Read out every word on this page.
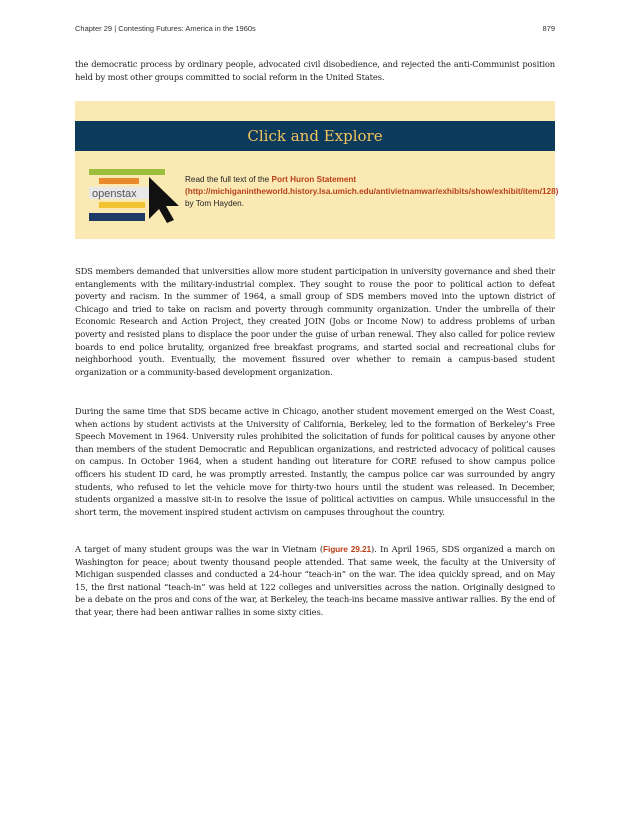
Chapter 29 | Contesting Futures: America in the 1960s	879

the democratic process by ordinary people, advocated civil disobedience, and rejected the anti-Communist position held by most other groups committed to social reform in the United States.

Click and Explore
openstax
Read the full text of the Port Huron Statement (http://michiganintheworld.history.lsa.umich.edu/antivietnamwar/exhibits/show/exhibit/item/128) by Tom Hayden.

SDS members demanded that universities allow more student participation in university governance and shed their entanglements with the military-industrial complex. They sought to rouse the poor to political action to defeat poverty and racism. In the summer of 1964, a small group of SDS members moved into the uptown district of Chicago and tried to take on racism and poverty through community organization. Under the umbrella of their Economic Research and Action Project, they created JOIN (Jobs or Income Now) to address problems of urban poverty and resisted plans to displace the poor under the guise of urban renewal. They also called for police review boards to end police brutality, organized free breakfast programs, and started social and recreational clubs for neighborhood youth. Eventually, the movement fissured over whether to remain a campus-based student organization or a community-based development organization.

During the same time that SDS became active in Chicago, another student movement emerged on the West Coast, when actions by student activists at the University of California, Berkeley, led to the formation of Berkeley’s Free Speech Movement in 1964. University rules prohibited the solicitation of funds for political causes by anyone other than members of the student Democratic and Republican organizations, and restricted advocacy of political causes on campus. In October 1964, when a student handing out literature for CORE refused to show campus police officers his student ID card, he was promptly arrested. Instantly, the campus police car was surrounded by angry students, who refused to let the vehicle move for thirty-two hours until the student was released. In December, students organized a massive sit-in to resolve the issue of political activities on campus. While unsuccessful in the short term, the movement inspired student activism on campuses throughout the country.

A target of many student groups was the war in Vietnam (Figure 29.21). In April 1965, SDS organized a march on Washington for peace; about twenty thousand people attended. That same week, the faculty at the University of Michigan suspended classes and conducted a 24-hour “teach-in” on the war. The idea quickly spread, and on May 15, the first national “teach-in” was held at 122 colleges and universities across the nation. Originally designed to be a debate on the pros and cons of the war, at Berkeley, the teach-ins became massive antiwar rallies. By the end of that year, there had been antiwar rallies in some sixty cities.
